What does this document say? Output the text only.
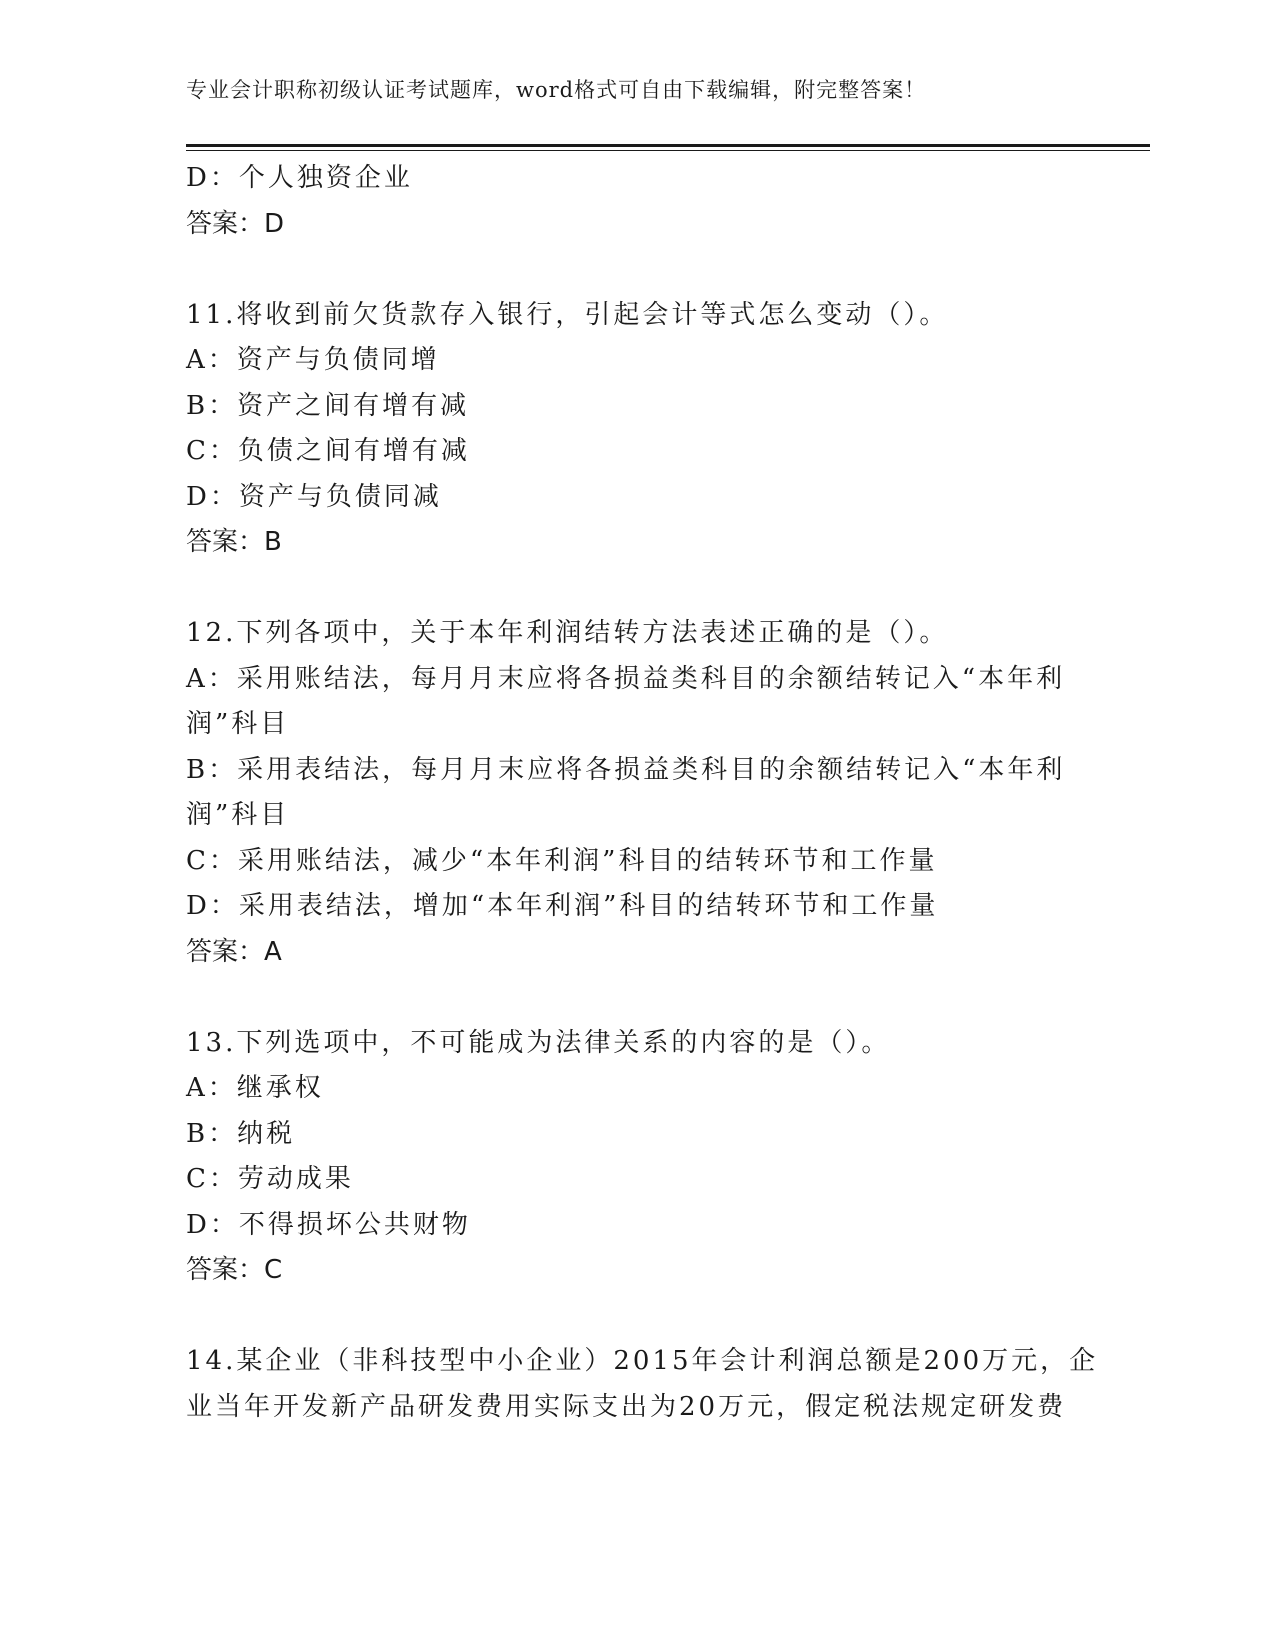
专业会计职称初级认证考试题库，word格式可自由下载编辑，附完整答案！
D：个人独资企业
答案：D
11.将收到前欠货款存入银行，引起会计等式怎么变动（）。
A：资产与负债同增
B：资产之间有增有减
C：负债之间有增有减
D：资产与负债同减
答案：B
12.下列各项中，关于本年利润结转方法表述正确的是（）。
A：采用账结法，每月月末应将各损益类科目的余额结转记入“本年利
润”科目
B：采用表结法，每月月末应将各损益类科目的余额结转记入“本年利
润”科目
C：采用账结法，减少“本年利润”科目的结转环节和工作量
D：采用表结法，增加“本年利润”科目的结转环节和工作量
答案：A
13.下列选项中，不可能成为法律关系的内容的是（）。
A：继承权
B：纳税
C：劳动成果
D：不得损坏公共财物
答案：C
14.某企业（非科技型中小企业）2015年会计利润总额是200万元，企
业当年开发新产品研发费用实际支出为20万元，假定税法规定研发费
